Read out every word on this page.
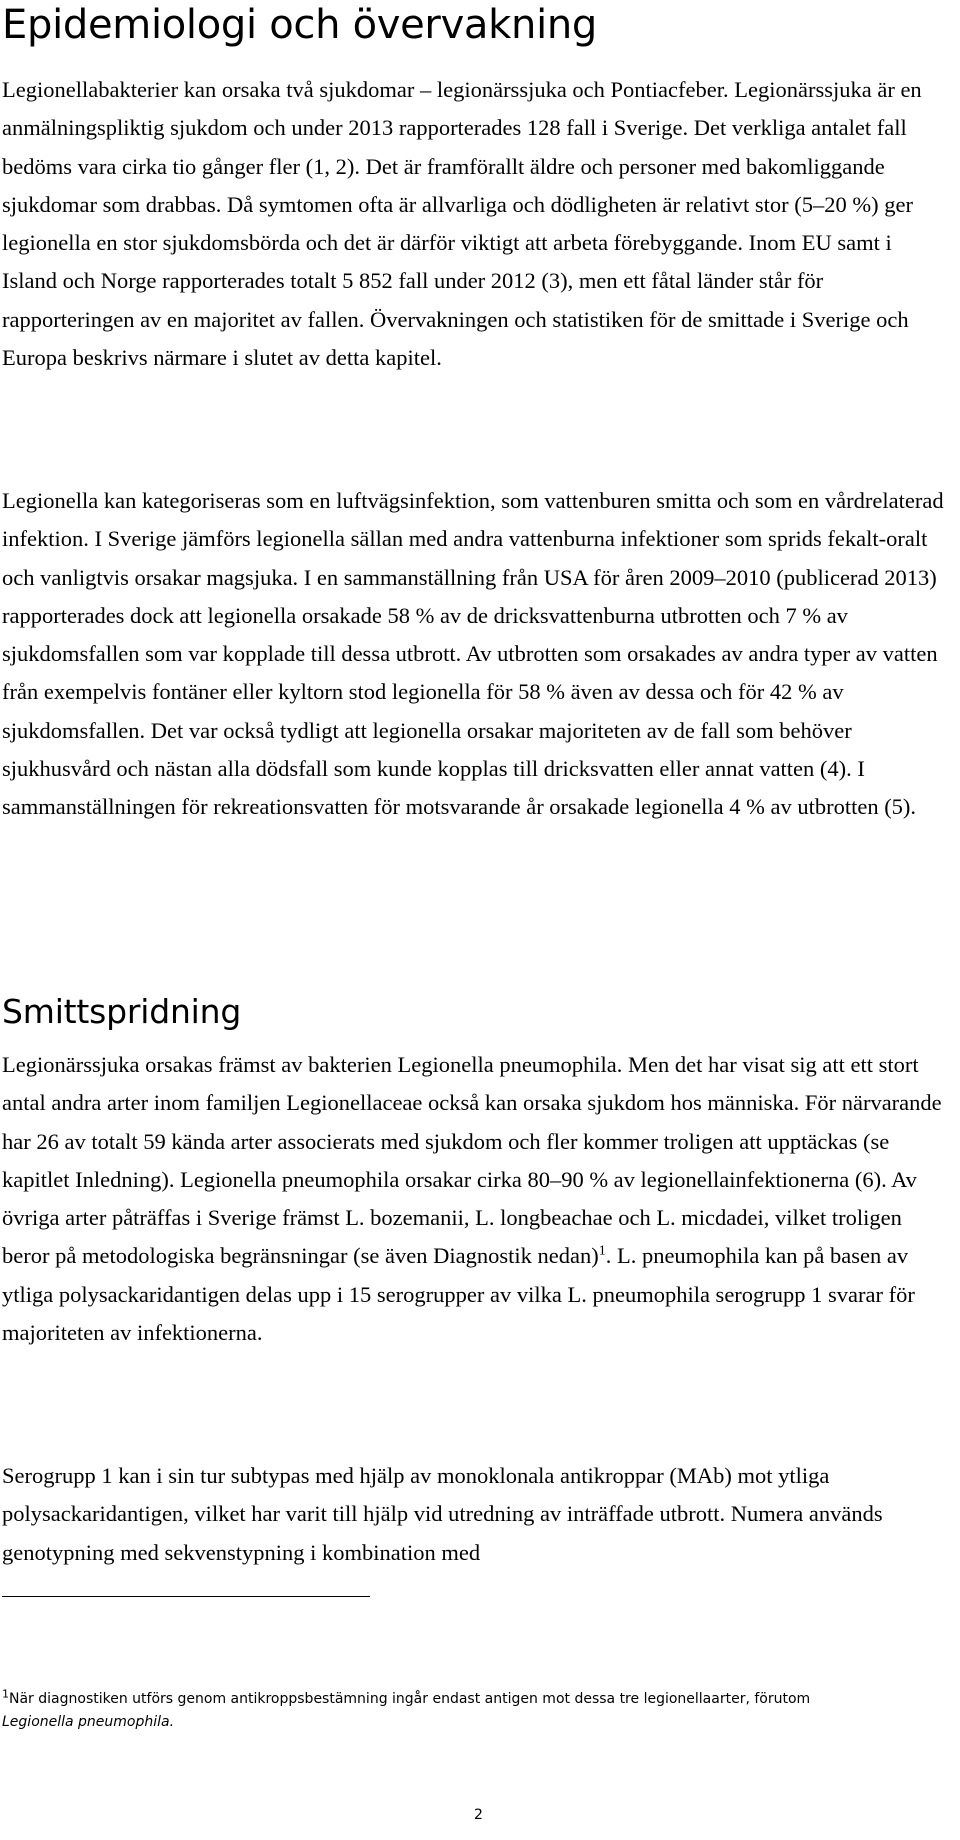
Epidemiologi och övervakning

Legionellabakterier kan orsaka två sjukdomar – legionärssjuka och Pontiacfeber. Legionärssjuka är en anmälningspliktig sjukdom och under 2013 rapporterades 128 fall i Sverige. Det verkliga antalet fall bedöms vara cirka tio gånger fler (1, 2). Det är framförallt äldre och personer med bakomliggande sjukdomar som drabbas. Då symtomen ofta är allvarliga och dödligheten är relativt stor (5–20 %) ger legionella en stor sjukdomsbörda och det är därför viktigt att arbeta förebyggande. Inom EU samt i Island och Norge rapporterades totalt 5 852 fall under 2012 (3), men ett fåtal länder står för rapporteringen av en majoritet av fallen. Övervakningen och statistiken för de smittade i Sverige och Europa beskrivs närmare i slutet av detta kapitel.

Legionella kan kategoriseras som en luftvägsinfektion, som vattenburen smitta och som en vårdrelaterad infektion. I Sverige jämförs legionella sällan med andra vattenburna infektioner som sprids fekalt-oralt och vanligtvis orsakar magsjuka. I en sammanställning från USA för åren 2009–2010 (publicerad 2013) rapporterades dock att legionella orsakade 58 % av de dricksvattenburna utbrotten och 7 % av sjukdomsfallen som var kopplade till dessa utbrott. Av utbrotten som orsakades av andra typer av vatten från exempelvis fontäner eller kyltorn stod legionella för 58 % även av dessa och för 42 % av sjukdomsfallen. Det var också tydligt att legionella orsakar majoriteten av de fall som behöver sjukhusvård och nästan alla dödsfall som kunde kopplas till dricksvatten eller annat vatten (4). I sammanställningen för rekreationsvatten för motsvarande år orsakade legionella 4 % av utbrotten (5).

Smittspridning

Legionärssjuka orsakas främst av bakterien Legionella pneumophila. Men det har visat sig att ett stort antal andra arter inom familjen Legionellaceae också kan orsaka sjukdom hos människa. För närvarande har 26 av totalt 59 kända arter associerats med sjukdom och fler kommer troligen att upptäckas (se kapitlet Inledning). Legionella pneumophila orsakar cirka 80–90 % av legionellainfektionerna (6). Av övriga arter påträffas i Sverige främst L. bozemanii, L. longbeachae och L. micdadei, vilket troligen beror på metodologiska begränsningar (se även Diagnostik nedan)$^1$. L. pneumophila kan på basen av ytliga polysackaridantigen delas upp i 15 serogrupper av vilka L. pneumophila serogrupp 1 svarar för majoriteten av infektionerna.

Serogrupp 1 kan i sin tur subtypas med hjälp av monoklonala antikroppar (MAb) mot ytliga polysackaridantigen, vilket har varit till hjälp vid utredning av inträffade utbrott. Numera används genotypning med sekvenstypning i kombination med

$^1$När diagnostiken utförs genom antikroppsbestämning ingår endast antigen mot dessa tre legionellaarter, förutom
Legionella pneumophila.

2
